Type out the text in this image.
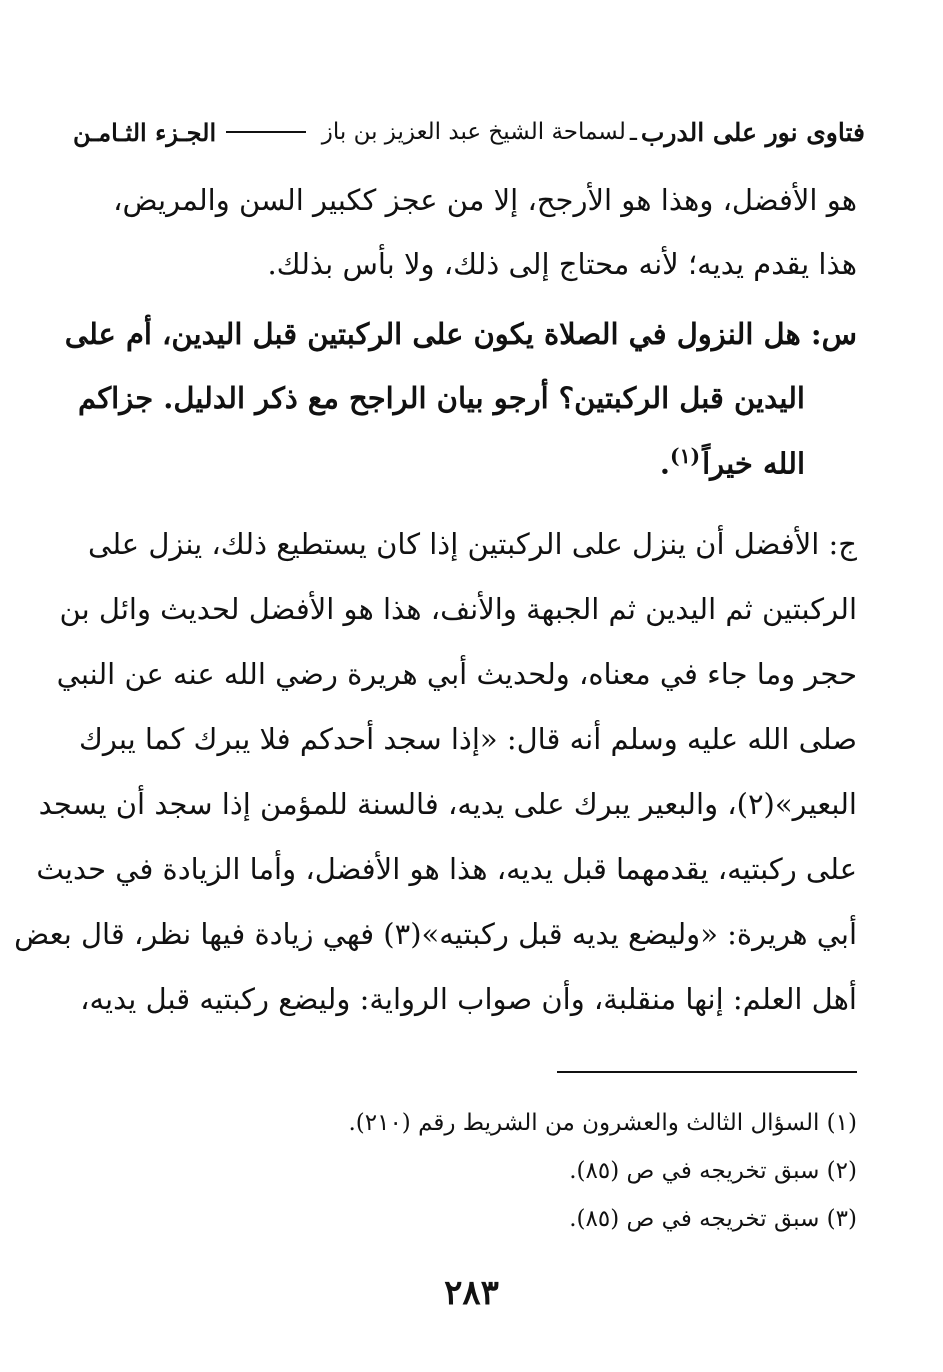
فتاوى نور على الدرب
ـ
لسماحة الشيخ عبد العزيز بن باز
الجـزء الثـامـن
هو الأفضل، وهذا هو الأرجح، إلا من عجز ككبير السن والمريض،
هذا يقدم يديه؛ لأنه محتاج إلى ذلك، ولا بأس بذلك.
س: هل النزول في الصلاة يكون على الركبتين قبل اليدين، أم على
اليدين قبل الركبتين؟ أرجو بيان الراجح مع ذكر الدليل. جزاكم
الله خيراً$^{(١)}$.
ج: الأفضل أن ينزل على الركبتين إذا كان يستطيع ذلك، ينزل على
الركبتين ثم اليدين ثم الجبهة والأنف، هذا هو الأفضل لحديث وائل بن
حجر وما جاء في معناه، ولحديث أبي هريرة رضي الله عنه عن النبي
صلى الله عليه وسلم أنه قال: «إذا سجد أحدكم فلا يبرك كما يبرك
البعير»(٢)، والبعير يبرك على يديه، فالسنة للمؤمن إذا سجد أن يسجد
على ركبتيه، يقدمهما قبل يديه، هذا هو الأفضل، وأما الزيادة في حديث
أبي هريرة: «وليضع يديه قبل ركبتيه»(٣) فهي زيادة فيها نظر، قال بعض
أهل العلم: إنها منقلبة، وأن صواب الرواية: وليضع ركبتيه قبل يديه،
(١) السؤال الثالث والعشرون من الشريط رقم (٢١٠).
(٢) سبق تخريجه في ص (٨٥).
(٣) سبق تخريجه في ص (٨٥).
٢٨٣
